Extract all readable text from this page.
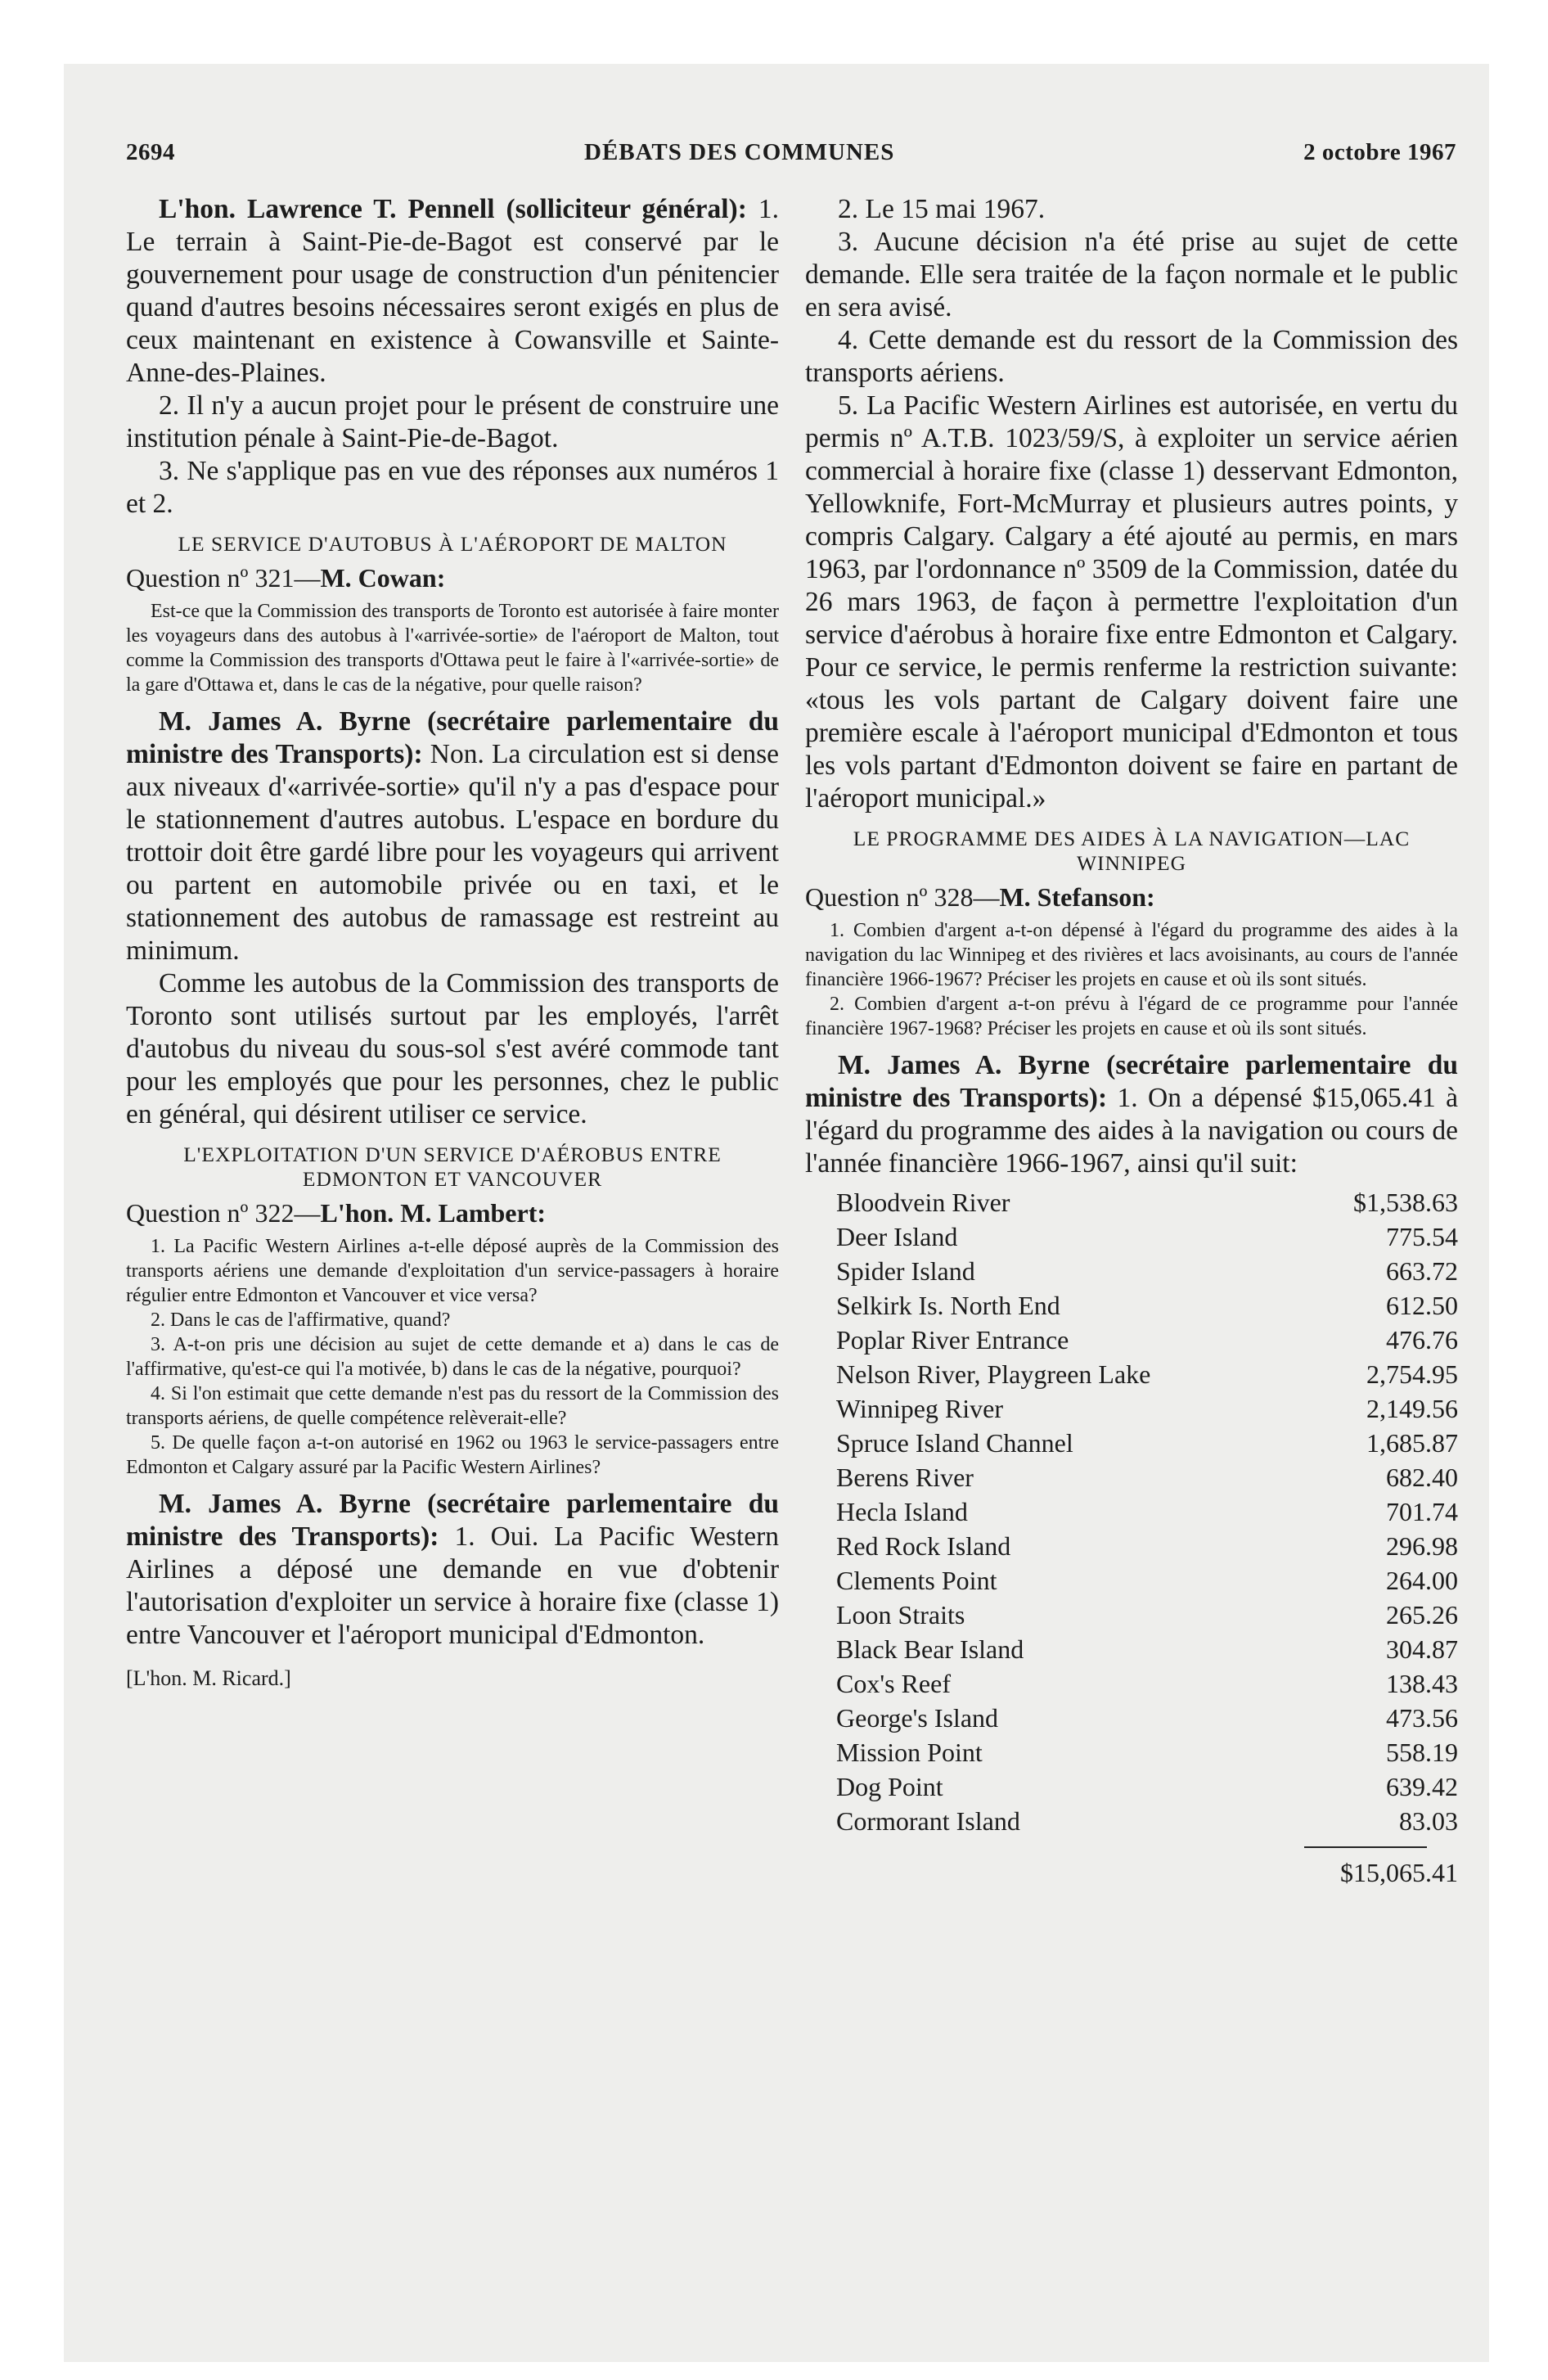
2694	DÉBATS DES COMMUNES	2 octobre 1967

L'hon. Lawrence T. Pennell (solliciteur général): 1. Le terrain à Saint-Pie-de-Bagot est conservé par le gouvernement pour usage de construction d'un pénitencier quand d'autres besoins nécessaires seront exigés en plus de ceux maintenant en existence à Cowansville et Sainte-Anne-des-Plaines.

2. Il n'y a aucun projet pour le présent de construire une institution pénale à Saint-Pie-de-Bagot.

3. Ne s'applique pas en vue des réponses aux numéros 1 et 2.

LE SERVICE D'AUTOBUS À L'AÉROPORT DE MALTON

Question nº 321—M. Cowan:

Est-ce que la Commission des transports de Toronto est autorisée à faire monter les voyageurs dans des autobus à l'«arrivée-sortie» de l'aéroport de Malton, tout comme la Commission des transports d'Ottawa peut le faire à l'«arrivée-sortie» de la gare d'Ottawa et, dans le cas de la négative, pour quelle raison?

M. James A. Byrne (secrétaire parlementaire du ministre des Transports): Non. La circulation est si dense aux niveaux d'«arrivée-sortie» qu'il n'y a pas d'espace pour le stationnement d'autres autobus. L'espace en bordure du trottoir doit être gardé libre pour les voyageurs qui arrivent ou partent en automobile privée ou en taxi, et le stationnement des autobus de ramassage est restreint au minimum.

Comme les autobus de la Commission des transports de Toronto sont utilisés surtout par les employés, l'arrêt d'autobus du niveau du sous-sol s'est avéré commode tant pour les employés que pour les personnes, chez le public en général, qui désirent utiliser ce service.

L'EXPLOITATION D'UN SERVICE D'AÉROBUS ENTRE EDMONTON ET VANCOUVER

Question nº 322—L'hon. M. Lambert:

1. La Pacific Western Airlines a-t-elle déposé auprès de la Commission des transports aériens une demande d'exploitation d'un service-passagers à horaire régulier entre Edmonton et Vancouver et vice versa?

2. Dans le cas de l'affirmative, quand?

3. A-t-on pris une décision au sujet de cette demande et a) dans le cas de l'affirmative, qu'est-ce qui l'a motivée, b) dans le cas de la négative, pourquoi?

4. Si l'on estimait que cette demande n'est pas du ressort de la Commission des transports aériens, de quelle compétence relèverait-elle?

5. De quelle façon a-t-on autorisé en 1962 ou 1963 le service-passagers entre Edmonton et Calgary assuré par la Pacific Western Airlines?

M. James A. Byrne (secrétaire parlementaire du ministre des Transports): 1. Oui. La Pacific Western Airlines a déposé une demande en vue d'obtenir l'autorisation d'exploiter un service à horaire fixe (classe 1) entre Vancouver et l'aéroport municipal d'Edmonton.

[L'hon. M. Ricard.]

2. Le 15 mai 1967.

3. Aucune décision n'a été prise au sujet de cette demande. Elle sera traitée de la façon normale et le public en sera avisé.

4. Cette demande est du ressort de la Commission des transports aériens.

5. La Pacific Western Airlines est autorisée, en vertu du permis nº A.T.B. 1023/59/S, à exploiter un service aérien commercial à horaire fixe (classe 1) desservant Edmonton, Yellowknife, Fort-McMurray et plusieurs autres points, y compris Calgary. Calgary a été ajouté au permis, en mars 1963, par l'ordonnance nº 3509 de la Commission, datée du 26 mars 1963, de façon à permettre l'exploitation d'un service d'aérobus à horaire fixe entre Edmonton et Calgary. Pour ce service, le permis renferme la restriction suivante: «tous les vols partant de Calgary doivent faire une première escale à l'aéroport municipal d'Edmonton et tous les vols partant d'Edmonton doivent se faire en partant de l'aéroport municipal.»

LE PROGRAMME DES AIDES À LA NAVIGATION—LAC WINNIPEG

Question nº 328—M. Stefanson:

1. Combien d'argent a-t-on dépensé à l'égard du programme des aides à la navigation du lac Winnipeg et des rivières et lacs avoisinants, au cours de l'année financière 1966-1967? Préciser les projets en cause et où ils sont situés.

2. Combien d'argent a-t-on prévu à l'égard de ce programme pour l'année financière 1967-1968? Préciser les projets en cause et où ils sont situés.

M. James A. Byrne (secrétaire parlementaire du ministre des Transports): 1. On a dépensé $15,065.41 à l'égard du programme des aides à la navigation ou cours de l'année financière 1966-1967, ainsi qu'il suit:

Bloodvein River	$1,538.63
Deer Island	775.54
Spider Island	663.72
Selkirk Is. North End	612.50
Poplar River Entrance	476.76
Nelson River, Playgreen Lake	2,754.95
Winnipeg River	2,149.56
Spruce Island Channel	1,685.87
Berens River	682.40
Hecla Island	701.74
Red Rock Island	296.98
Clements Point	264.00
Loon Straits	265.26
Black Bear Island	304.87
Cox's Reef	138.43
George's Island	473.56
Mission Point	558.19
Dog Point	639.42
Cormorant Island	83.03
$15,065.41
